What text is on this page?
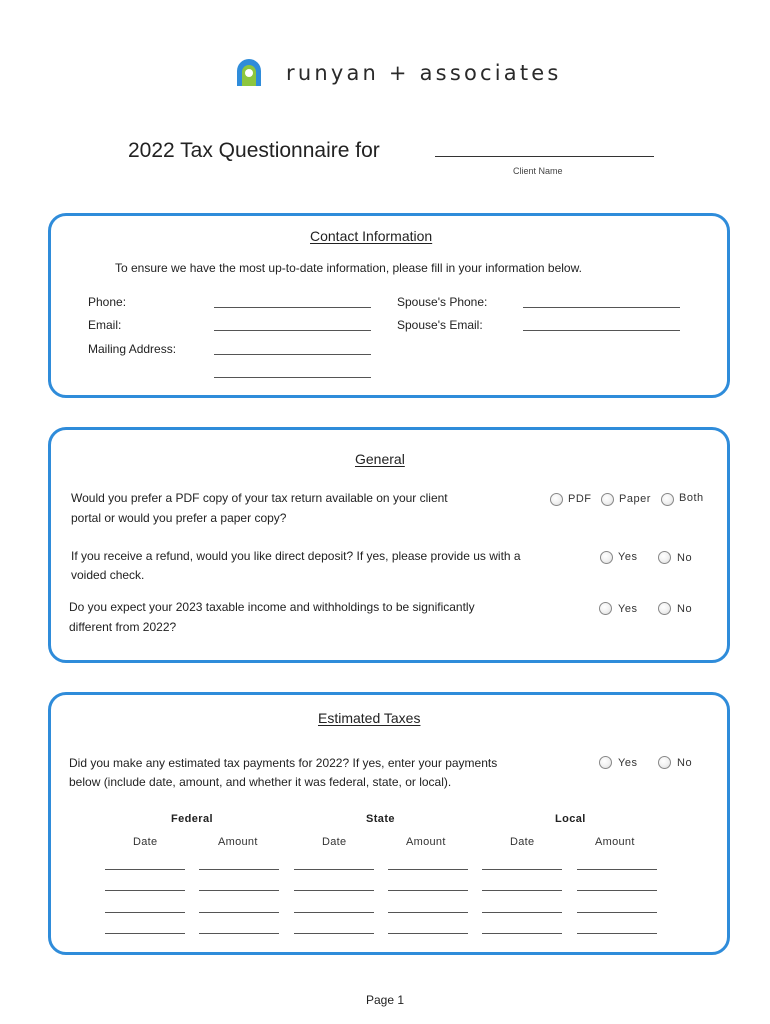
runyan + associates
2022 Tax Questionnaire for
Client Name
Contact Information
To ensure we have the most up-to-date information, please fill in your information below.
Phone:	Spouse's Phone:
Email:	Spouse's Email:
Mailing Address:
General
Would you prefer a PDF copy of your tax return available on your client
portal or would you prefer a paper copy?
PDF	Paper	Both
If you receive a refund, would you like direct deposit? If yes, please provide us with a
voided check.
Yes	No
Do you expect your 2023 taxable income and withholdings to be significantly
different from 2022?
Yes	No
Estimated Taxes
Did you make any estimated tax payments for 2022? If yes, enter your payments
below (include date, amount, and whether it was federal, state, or local).
Yes	No
Federal	State	Local
Date	Amount	Date	Amount	Date	Amount
Page 1
